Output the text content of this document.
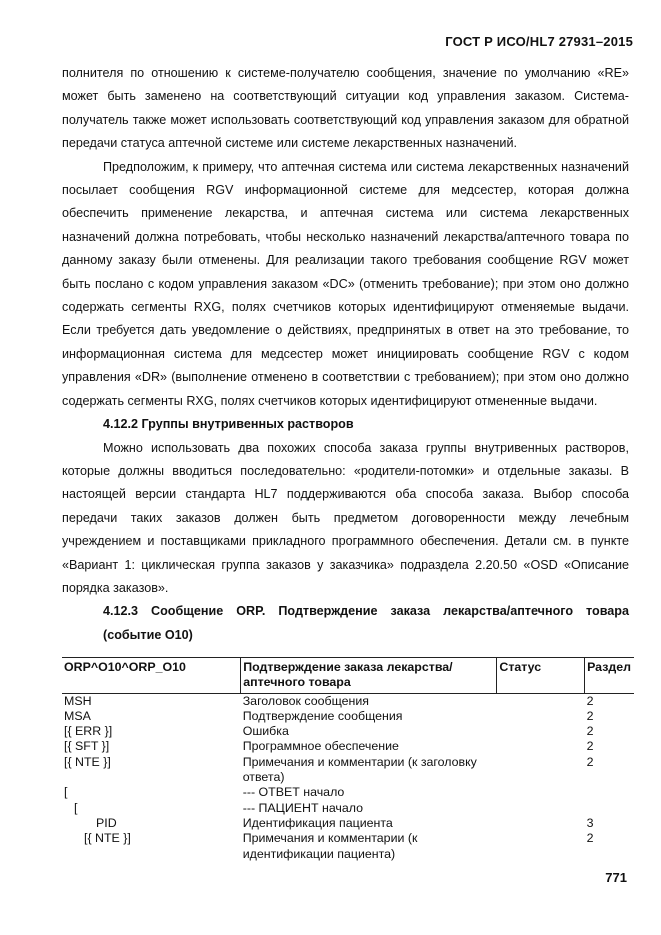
ГОСТ Р ИСО/HL7 27931–2015

полнителя по отношению к системе-получателю сообщения, значение по умолчанию «RE» может быть заменено на соответствующий ситуации код управления заказом. Система-получатель также может использовать соответствующий код управления заказом для обратной передачи статуса аптечной системе или системе лекарственных назначений.

Предположим, к примеру, что аптечная система или система лекарственных назначений посылает сообщения RGV информационной системе для медсестер, которая должна обеспечить применение лекарства, и аптечная система или система лекарственных назначений должна потребовать, чтобы несколько назначений лекарства/аптечного товара по данному заказу были отменены. Для реализации такого требования сообщение RGV может быть послано с кодом управления заказом «DC» (отменить требование); при этом оно должно содержать сегменты RXG, полях счетчиков которых идентифицируют отменяемые выдачи. Если требуется дать уведомление о действиях, предпринятых в ответ на это требование, то информационная система для медсестер может инициировать сообщение RGV с кодом управления «DR» (выполнение отменено в соответствии с требованием); при этом оно должно содержать сегменты RXG, полях счетчиков которых идентифицируют отмененные выдачи.

4.12.2 Группы внутривенных растворов

Можно использовать два похожих способа заказа группы внутривенных растворов, которые должны вводиться последовательно: «родители-потомки» и отдельные заказы. В настоящей версии стандарта HL7 поддерживаются оба способа заказа. Выбор способа передачи таких заказов должен быть предметом договоренности между лечебным учреждением и поставщиками прикладного программного обеспечения. Детали см. в пункте «Вариант 1: циклическая группа заказов у заказчика» подраздела 2.20.50 «OSD «Описание порядка заказов».

4.12.3 Сообщение ORP. Подтверждение заказа лекарства/аптечного товара (событие O10)

ORP^O10^ORP_O10	Подтверждение заказа лекарства/аптечного товара	Статус	Раздел
MSH	Заголовок сообщения		2
MSA	Подтверждение сообщения		2
[{ ERR }]	Ошибка		2
[{ SFT }]	Программное обеспечение		2
[{ NTE }]	Примечания и комментарии (к заголовку ответа)		2
[	--- ОТВЕТ начало		
[	--- ПАЦИЕНТ начало		
PID	Идентификация пациента		3
[{ NTE }]	Примечания и комментарии (к идентификации пациента)		2
771
